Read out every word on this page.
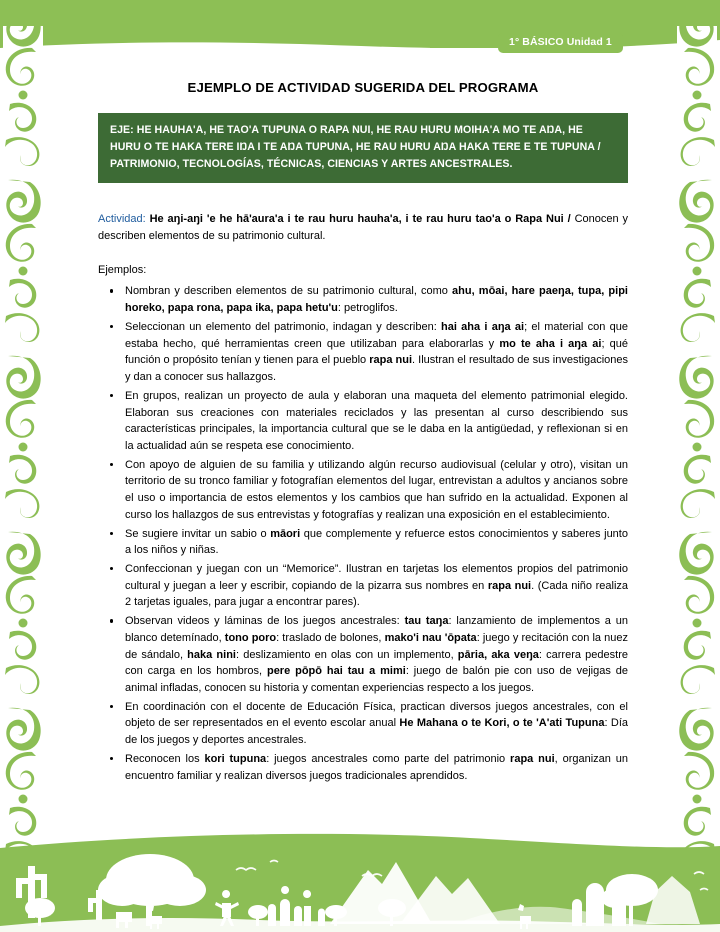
1° BÁSICO Unidad 1
EJEMPLO DE ACTIVIDAD SUGERIDA DEL PROGRAMA
EJE: HE HAUHA'A, HE TAO'A TUPUNA O RAPA NUI, HE RAU HURU MOIHA'A MO TE AŊA, HE HURU O TE HAKA TERE IŊA I TE AŊA TUPUNA, HE RAU HURU AŊA HAKA TERE E TE TUPUNA / PATRIMONIO, TECNOLOGÍAS, TÉCNICAS, CIENCIAS Y ARTES ANCESTRALES.

Actividad: He aŋi-aŋi 'e he hā'aura'a i te rau huru hauha'a, i te rau huru tao'a o Rapa Nui / Conocen y describen elementos de su patrimonio cultural.

Ejemplos:
Nombran y describen elementos de su patrimonio cultural, como ahu, mōai, hare paeŋa, tupa, pipi horeko, papa rona, papa ika, papa hetu'u: petroglifos.
Seleccionan un elemento del patrimonio, indagan y describen: hai aha i aŋa ai; el material con que estaba hecho, qué herramientas creen que utilizaban para elaborarlas y mo te aha i aŋa ai; qué función o propósito tenían y tienen para el pueblo rapa nui. Ilustran el resultado de sus investigaciones y dan a conocer sus hallazgos.
En grupos, realizan un proyecto de aula y elaboran una maqueta del elemento patrimonial elegido. Elaboran sus creaciones con materiales reciclados y las presentan al curso describiendo sus características principales, la importancia cultural que se le daba en la antigüedad, y reflexionan si en la actualidad aún se respeta ese conocimiento.
Con apoyo de alguien de su familia y utilizando algún recurso audiovisual (celular y otro), visitan un territorio de su tronco familiar y fotografían elementos del lugar, entrevistan a adultos y ancianos sobre el uso o importancia de estos elementos y los cambios que han sufrido en la actualidad. Exponen al curso los hallazgos de sus entrevistas y fotografías y realizan una exposición en el establecimiento.
Se sugiere invitar un sabio o māori que complemente y refuerce estos conocimientos y saberes junto a los niños y niñas.
Confeccionan y juegan con un “Memorice”. Ilustran en tarjetas los elementos propios del patrimonio cultural y juegan a leer y escribir, copiando de la pizarra sus nombres en rapa nui. (Cada niño realiza 2 tarjetas iguales, para jugar a encontrar pares).
Observan videos y láminas de los juegos ancestrales: tau taŋa: lanzamiento de implementos a un blanco detemínado, tono poro: traslado de bolones, mako'i nau 'ōpata: juego y recitación con la nuez de sándalo, haka nini: deslizamiento en olas con un implemento, pāria, aka veŋa: carrera pedestre con carga en los hombros, pere pōpō hai tau a mimi: juego de balón pie con uso de vejigas de animal infladas, conocen su historia y comentan experiencias respecto a los juegos.
En coordinación con el docente de Educación Física, practican diversos juegos ancestrales, con el objeto de ser representados en el evento escolar anual He Mahana o te Kori, o te 'A'ati Tupuna: Día de los juegos y deportes ancestrales.
Reconocen los kori tupuna: juegos ancestrales como parte del patrimonio rapa nui, organizan un encuentro familiar y realizan diversos juegos tradicionales aprendidos.
